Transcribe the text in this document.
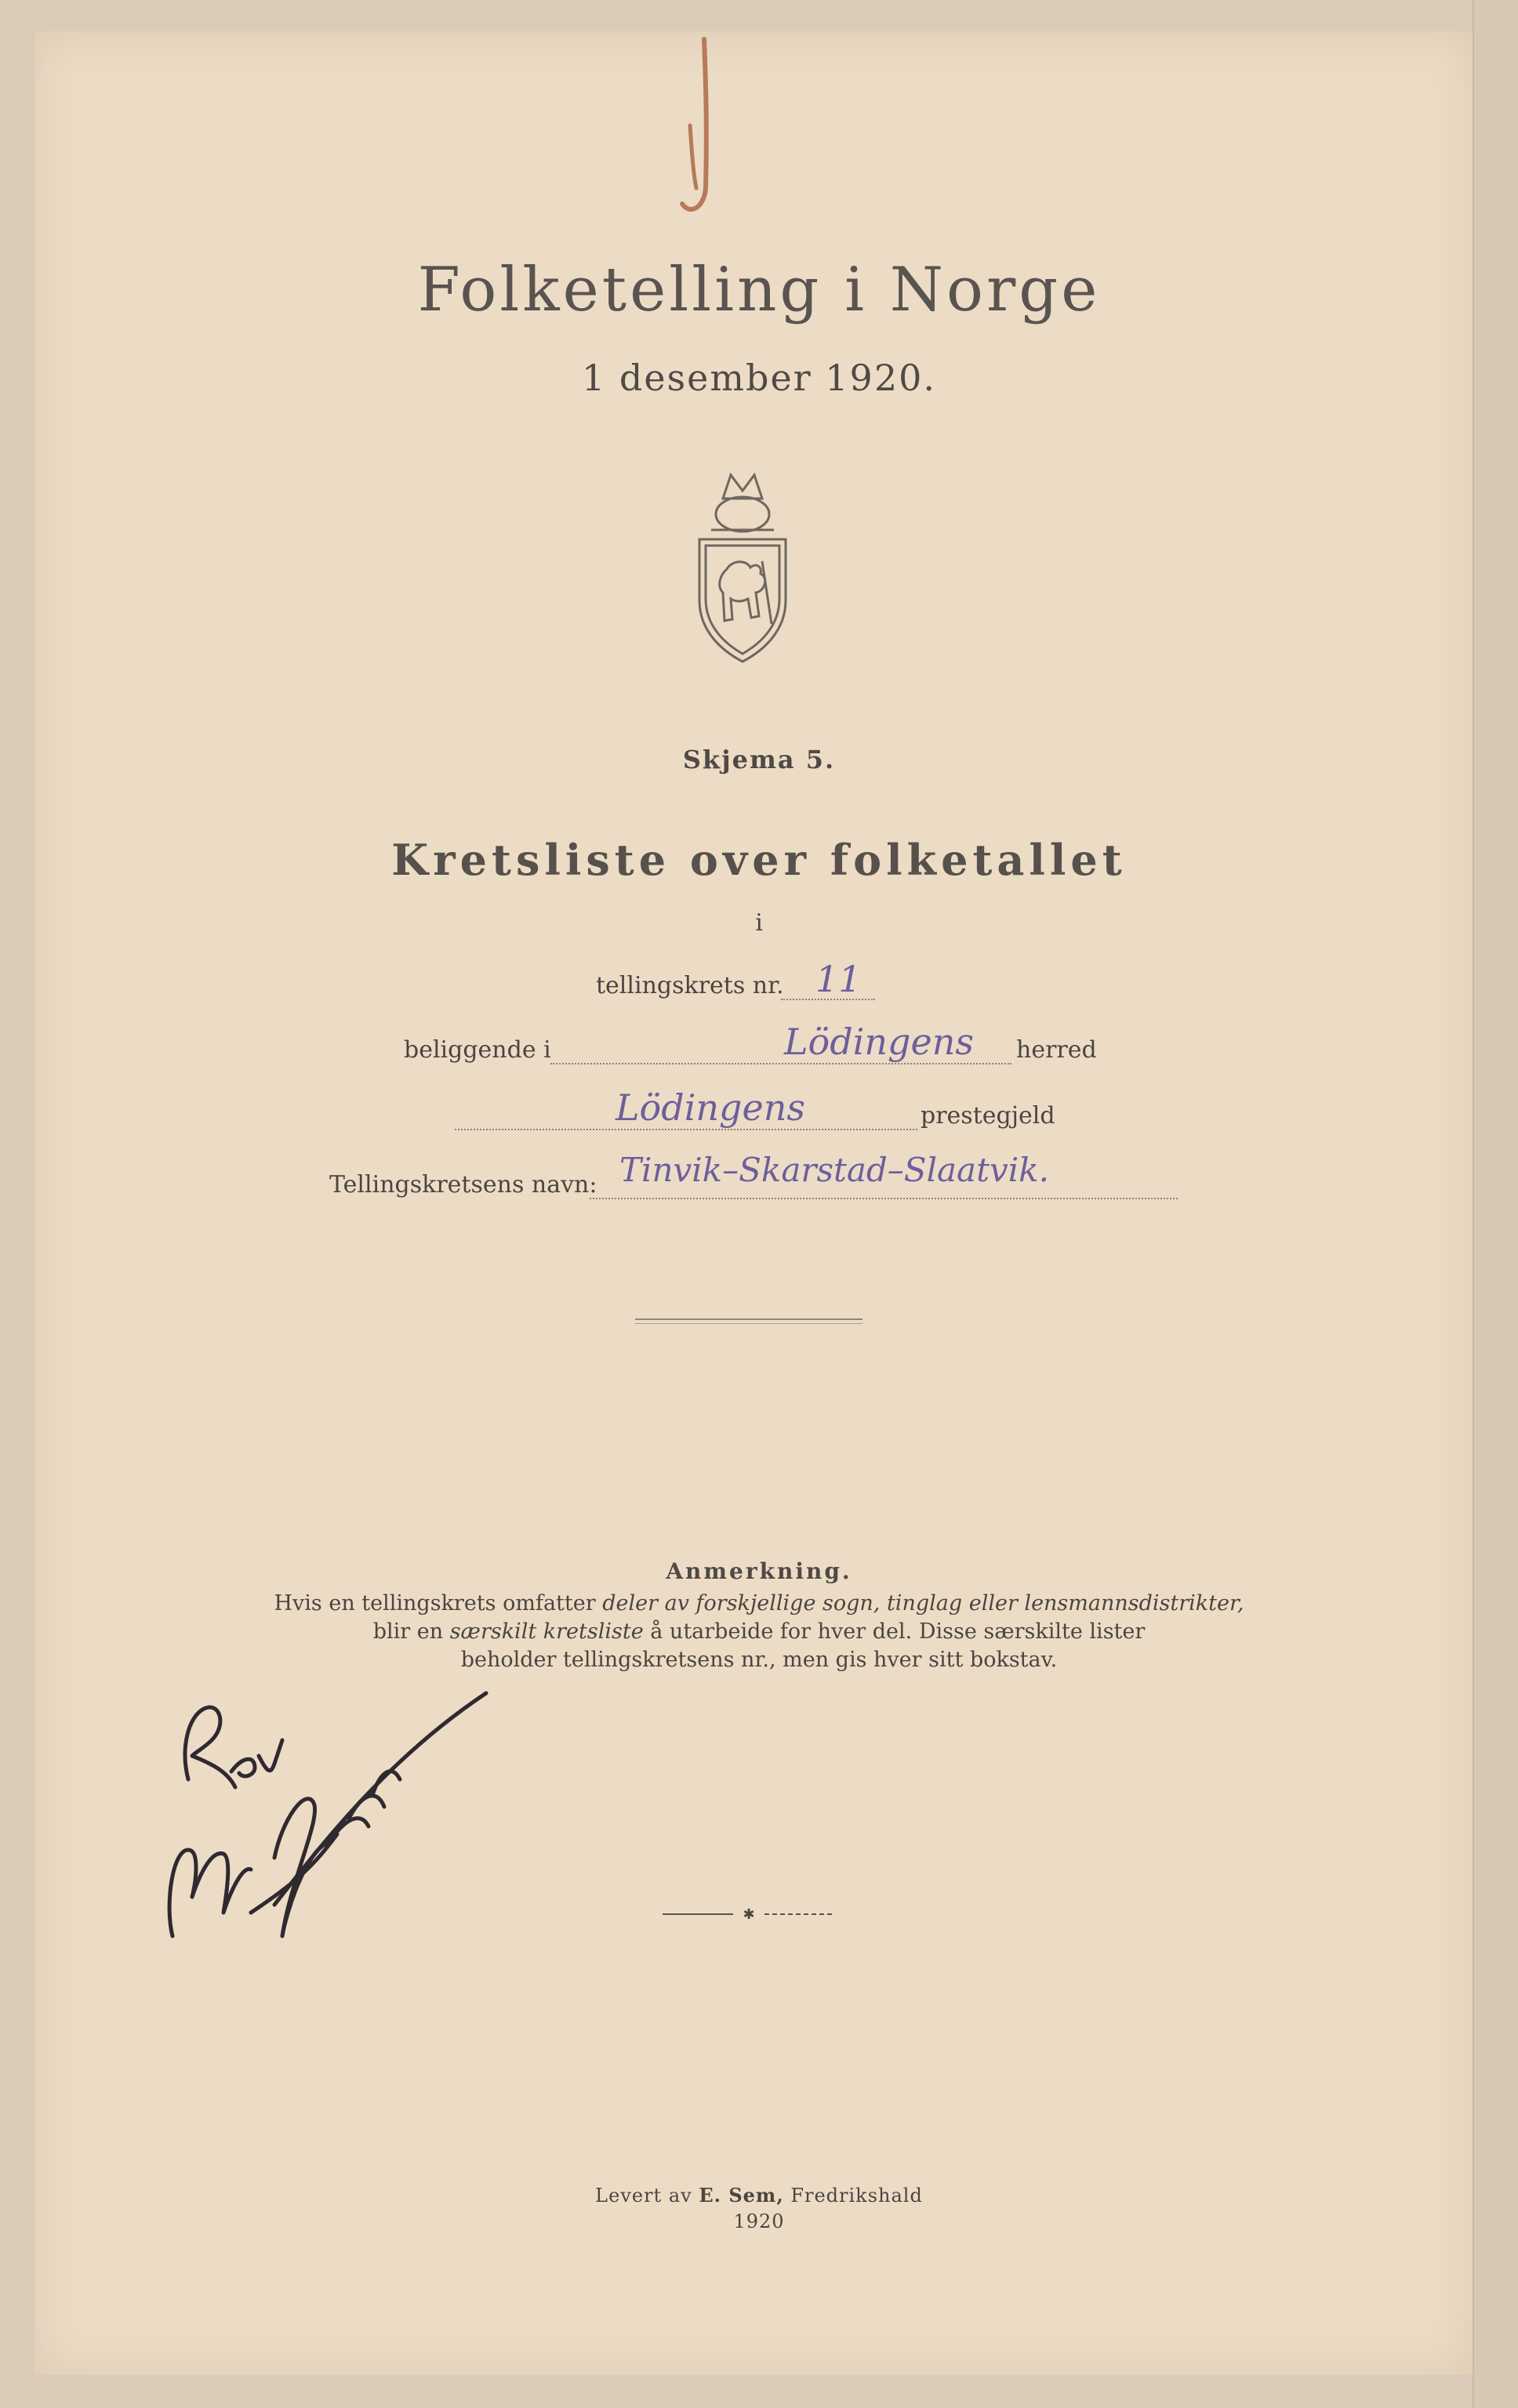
Folketelling i Norge
1 desember 1920.
Skjema 5.
Kretsliste over folketallet
i
tellingskrets nr. 11
beliggende i	Lödingens herred
Lödingens	prestegjeld
Tellingskretsens navn: Tinvik–Skarstad–Slaatvik.
Anmerkning.
Hvis en tellingskrets omfatter deler av forskjellige sogn, tinglag eller lensmannsdistrikter,
blir en særskilt kretsliste å utarbeide for hver del. Disse særskilte lister
beholder tellingskretsens nr., men gis hver sitt bokstav.
✱
Levert av E. Sem, Fredrikshald
1920
